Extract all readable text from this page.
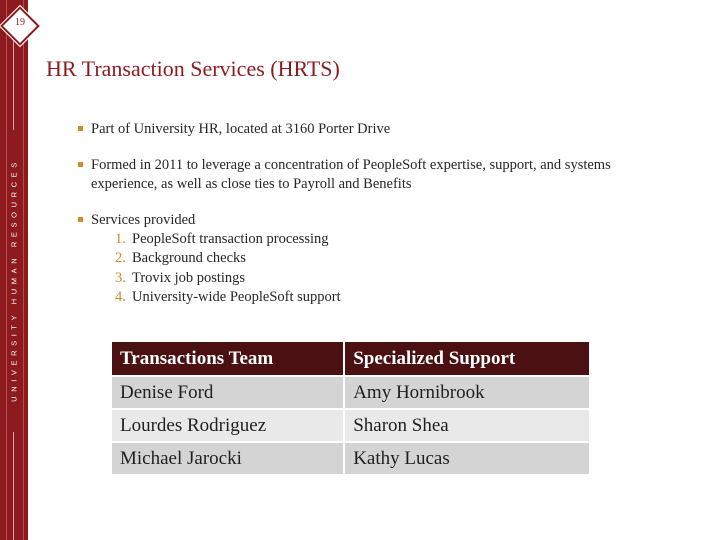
UNIVERSITY HUMAN RESOURCES
19
HR Transaction Services (HRTS)
Part of University HR, located at 3160 Porter Drive
Formed in 2011 to leverage a concentration of PeopleSoft expertise, support, and systems experience, as well as close ties to Payroll and Benefits
Services provided
1. PeopleSoft transaction processing
2. Background checks
3. Trovix job postings
4. University-wide PeopleSoft support
Transactions Team	Specialized Support
Denise Ford	Amy Hornibrook
Lourdes Rodriguez	Sharon Shea
Michael Jarocki	Kathy Lucas
